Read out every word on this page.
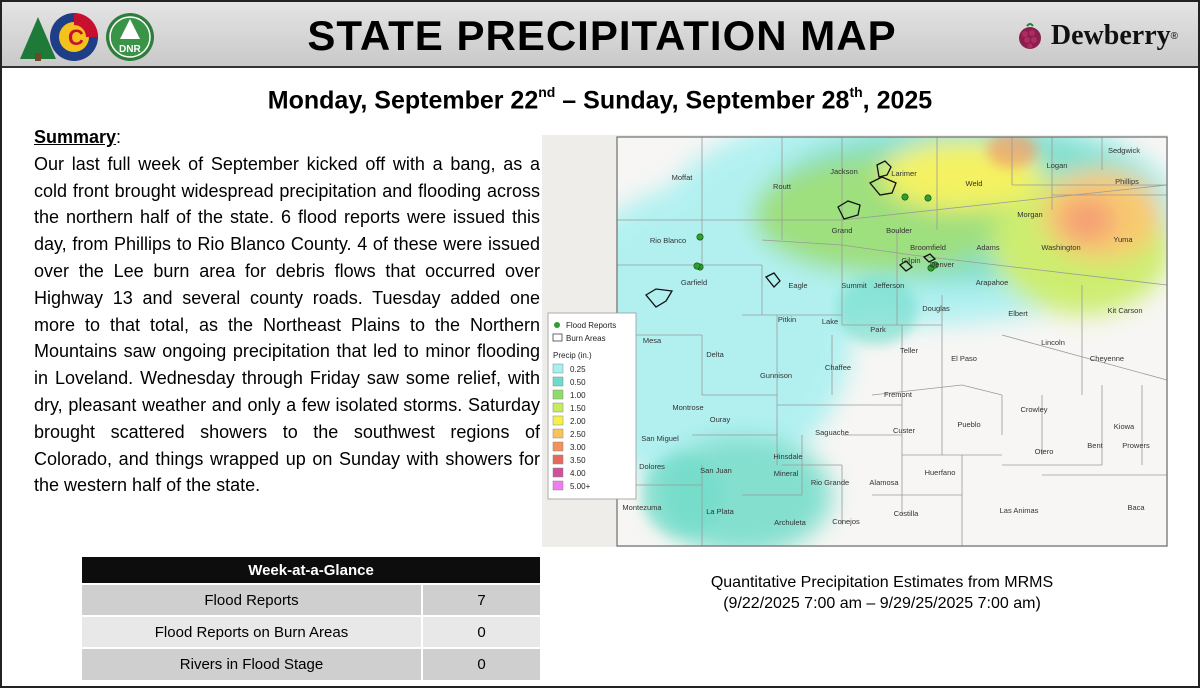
C	DNR	STATE PRECIPITATION MAP	Dewberry ®
Monday, September 22nd – Sunday, September 28th, 2025
Summary:
Our last full week of September kicked off with a bang, as a cold front brought widespread precipitation and flooding across the northern half of the state. 6 flood reports were issued this day, from Phillips to Rio Blanco County. 4 of these were issued over the Lee burn area for debris flows that occurred over Highway 13 and several county roads. Tuesday added one more to that total, as the Northeast Plains to the Northern Mountains saw ongoing precipitation that led to minor flooding in Loveland. Wednesday through Friday saw some relief, with dry, pleasant weather and only a few isolated storms. Saturday brought scattered showers to the southwest regions of Colorado, and things wrapped up on Sunday with showers for the western half of the state.
Week-at-a-Glance	
Flood Reports	7
Flood Reports on Burn Areas	0
Rivers in Flood Stage	0
Moffat
Routt
Jackson	Larimer
Weld
Logan
Sedgwick
Phillips
Rio Blanco
Grand	Boulder
Morgan
Washington
Yuma
Gilpin
Broomfield	Adams
Denver
Garfield	Eagle	Summit Jefferson	Arapahoe
Pitkin	Lake
Park
Douglas
Elbert	Kit Carson
Mesa
Delta	Teller
El Paso
Lincoln
Cheyenne
Gunnison
Chaffee
Fremont
Kiowa
Montrose
Ouray
Crowley
Saguache	Custer
Pueblo
San Miguel
Hinsdale
Otero
Bent	Prowers
Dolores	San Juan	Mineral
Rio Grande	Alamosa
Huerfano
Montezuma	La Plata
Archuleta	Conejos
Costilla	Las Animas	Baca
Flood Reports
Burn Areas
Precip (in.)
0.25
0.50
1.00
1.50
2.00
2.50
3.00
3.50
4.00
5.00+
Quantitative Precipitation Estimates from MRMS
(9/22/2025 7:00 am – 9/29/25/2025 7:00 am)
